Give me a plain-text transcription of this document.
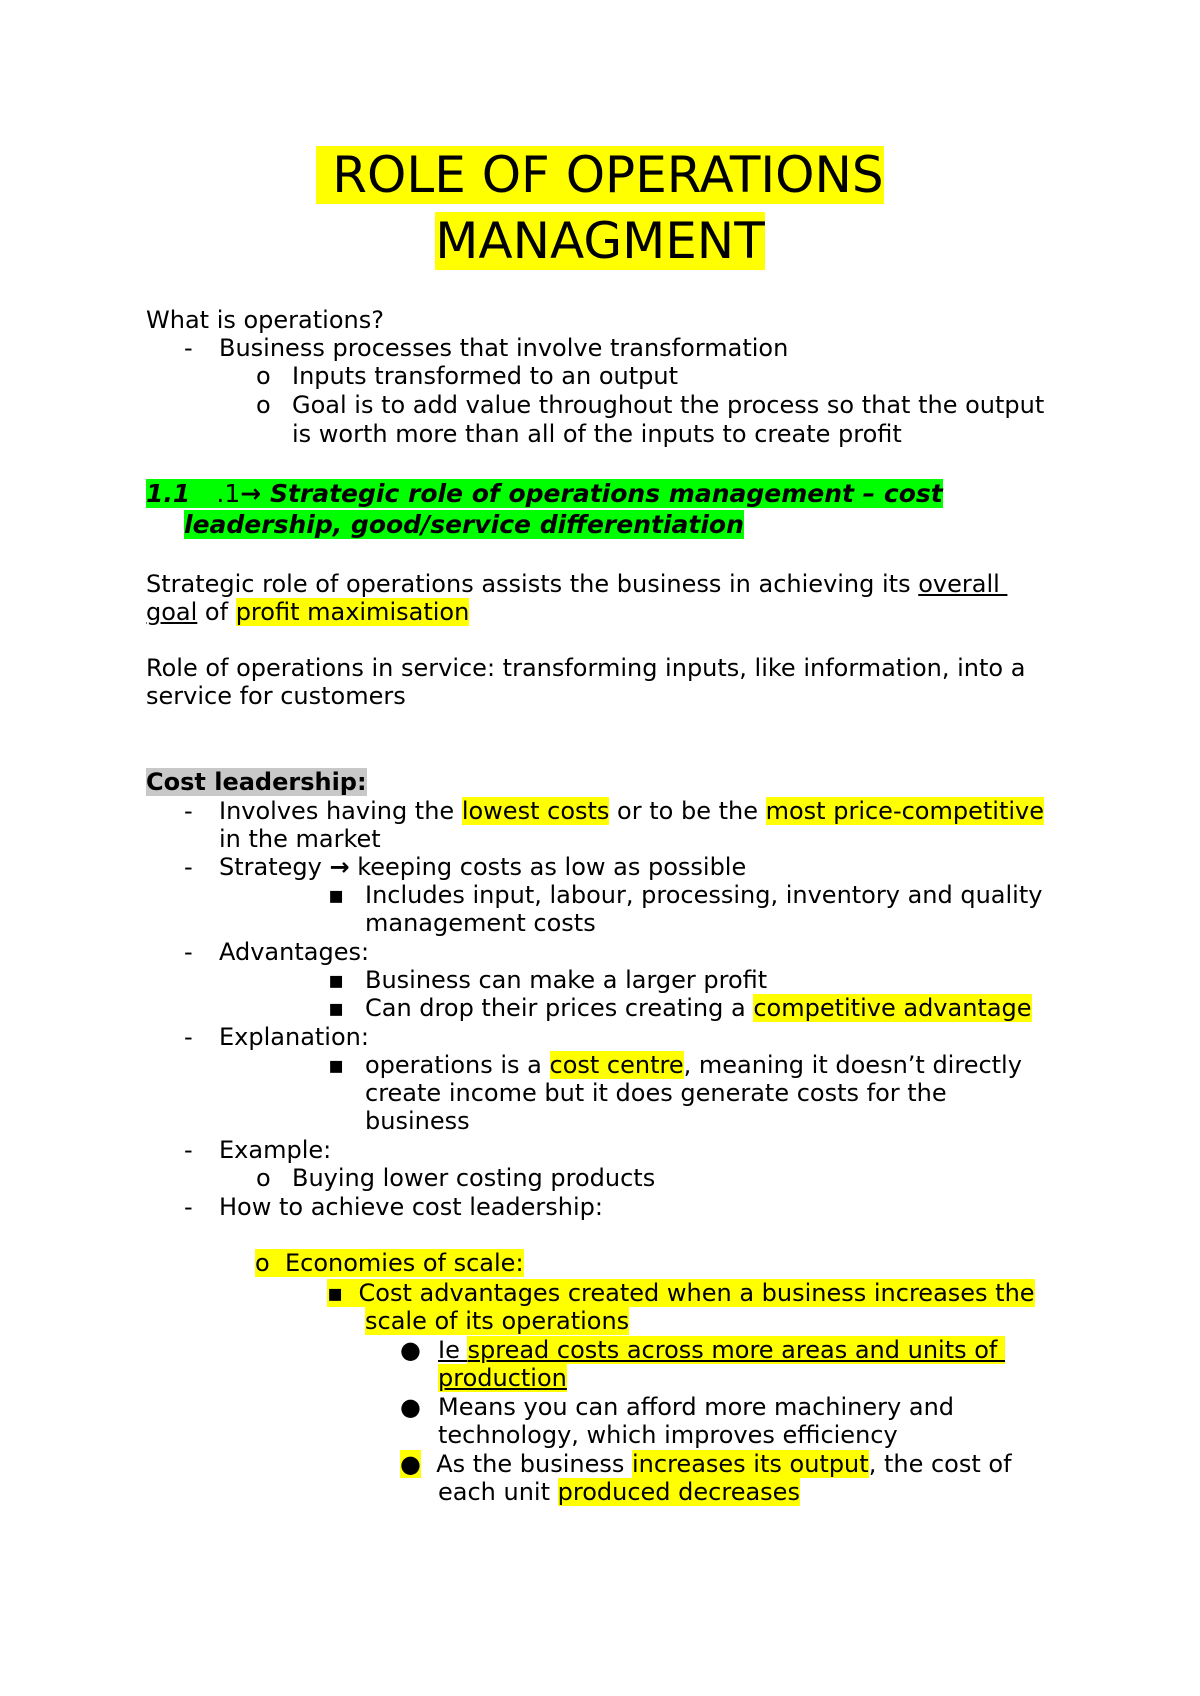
ROLE OF OPERATIONS
MANAGMENT
What is operations?
- Business processes that involve transformation
o Inputs transformed to an output
o Goal is to add value throughout the process so that the output
is worth more than all of the inputs to create profit
1.1 .1→ Strategic role of operations management – cost
leadership, good/service differentiation
Strategic role of operations assists the business in achieving its overall
goal of profit maximisation
Role of operations in service: transforming inputs, like information, into a
service for customers
Cost leadership:
- Involves having the lowest costs or to be the most price-competitive
in the market
- Strategy → keeping costs as low as possible
▪ Includes input, labour, processing, inventory and quality
management costs
- Advantages:
▪ Business can make a larger profit
▪ Can drop their prices creating a competitive advantage
- Explanation:
▪ operations is a cost centre, meaning it doesn’t directly
create income but it does generate costs for the
business
- Example:
o Buying lower costing products
- How to achieve cost leadership:
o Economies of scale:
▪ Cost advantages created when a business increases the
scale of its operations
● Ie spread costs across more areas and units of
production
● Means you can afford more machinery and
technology, which improves efficiency
● As the business increases its output, the cost of
each unit produced decreases
